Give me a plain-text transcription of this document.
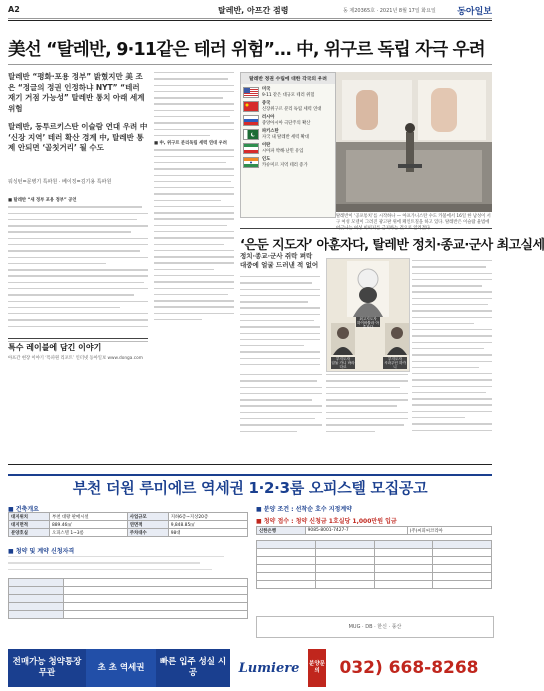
A2	탈레반, 아프간 점령	동 제20365호 · 2021년 8월 17일 화요일 동아일보
美선 “탈레반, 9·11같은 테러 위험”… 中, 위구르 독립 자극 우려

탈레반 “평화·포용 정부” 밝혔지만 美 조은 “정글의 정권 인정하냐 NYT” “테러 재기 거점 가능성” 탈레반 통치 아래 세계 위험

탈레반, 동투르키스탄 이슬람 연대 우려 中 ‘신장 지역’ 테러 확산 경계 中, 탈레반 통제 안되면 ‘골칫거리’ 될 수도

워싱턴=문병기 특파원 · 베이징=김기용 특파원
■ 탈레반 “새 정부 포용 정부” 공언
■ 中, 위구르 분리독립 세력 연대 우려
특수 레이블에 담긴 이야기
아프간 현장 이야기 ‘특파원 리포트’ 인터넷 동아일보 www.donga.com
탈레반 정권 수립에 대한 각국의 우려
미국
9·11 같은 대규모 테러 위험
중국
신장위구르 분리 독립 세력 연대
러시아
중앙아시아 극단주의 확산
파키스탄
자국 내 탈레반 세력 확대
이란
시아파 박해·난민 유입
인도
카슈미르 지역 테러 증가
탈레반이 ‘공포통치’를 시작하나 — 아프가니스탄 수도 카불에서 16일 한 남성이 서구 여성 모델이 그려진 광고판 위에 페인트칠을 하고 있다. 탈레반은 이슬람 율법에
‘은둔 지도자’ 아훈자다, 탈레반 정치·종교·군사 최고실세
정치·종교·군사 쥐락 펴락 대중에 얼굴 드러낸 적 없어
부지도자
압둘 가니 바라다르
최고지도자
하이바툴라 아훈자다
부지도자
시라주딘 하카니
부천 더원 루미에르 역세권 1·2·3룸 오피스텔 모집공고
■ 건축개요
대지위치	부천 대왕 판매시설	사업규모	지하6층~지상20층
대지면적	889.46㎡	연면적	9,848.85㎡
분양호실	오피스텔 1~3룸	주차대수	98대
■ 청약 및 계약 신청자격

■ 분양 조건 : 선착순 호수 지정계약
■ 청약 접수 : 청약 신청금 1호실당 1,000만원 입금
신한은행	9085-8001-7427-7	(주)씨피씨코리아

MUG · DB · 한신 · 풍산
전매가능 청약통장 무관
초 초 역세권
빠른 입주 성실 시공	Lumiere	분양문의	032) 668-8268
